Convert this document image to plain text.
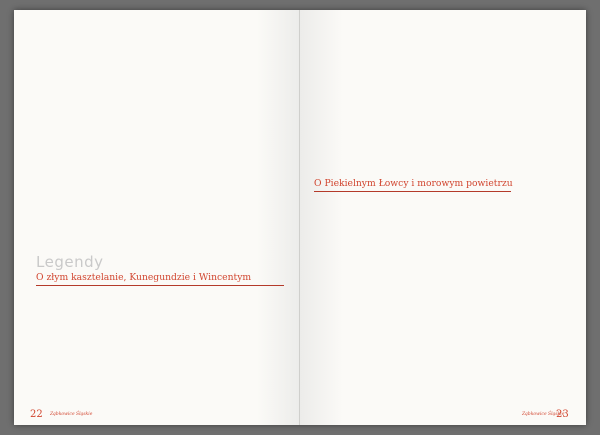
Legendy

O złym kasztelanie, Kunegundzie i Wincentym

22 Ząbkowice Śląskie

O Piekielnym Łowcy i morowym powietrzu

Ząbkowice Śląskie
23
